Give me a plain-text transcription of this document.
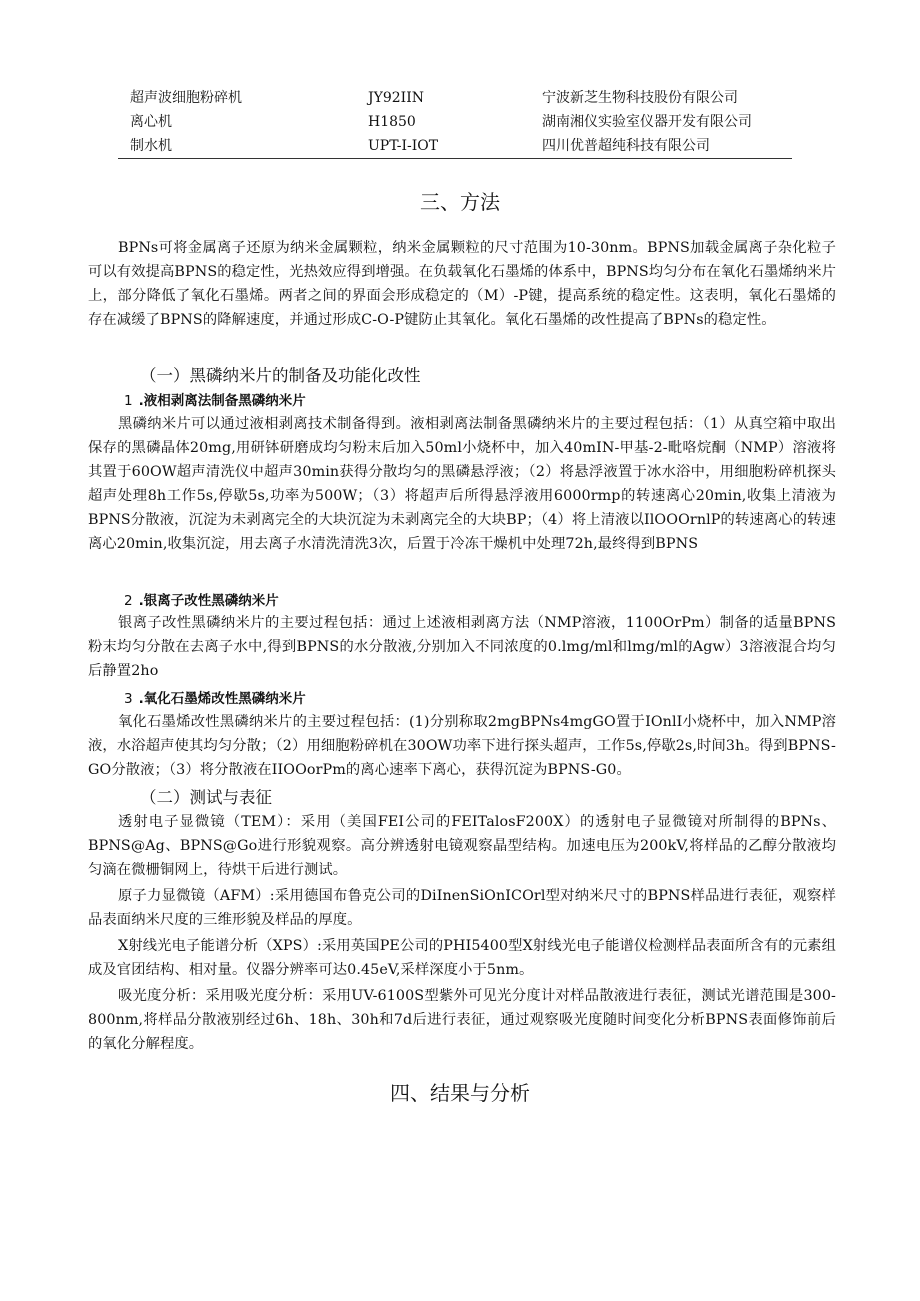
超声波细胞粉碎机	JY92IIN	宁波新芝生物科技股份有限公司
离心机	H1850	湖南湘仪实验室仪器开发有限公司
制水机	UPT-I-IOT	四川优普超纯科技有限公司
三、方法
BPNs可将金属离子还原为纳米金属颗粒，纳米金属颗粒的尺寸范围为10-30nm。BPNS加载金属离子杂化粒子可以有效提高BPNS的稳定性，光热效应得到增强。在负载氧化石墨烯的体系中，BPNS均匀分布在氧化石墨烯纳米片上，部分降低了氧化石墨烯。两者之间的界面会形成稳定的（M）-P键，提高系统的稳定性。这表明，氧化石墨烯的存在减缓了BPNS的降解速度，并通过形成C-O-P键防止其氧化。氧化石墨烯的改性提高了BPNs的稳定性。
（一）黑磷纳米片的制备及功能化改性
1 .液相剥离法制备黑磷纳米片
黑磷纳米片可以通过液相剥离技术制备得到。液相剥离法制备黑磷纳米片的主要过程包括：（1）从真空箱中取出保存的黑磷晶体20mg,用研钵研磨成均匀粉末后加入50ml小烧杯中，加入40mIN-甲基-2-毗咯烷酮（NMP）溶液将其置于60OW超声清洗仪中超声30min获得分散均匀的黑磷悬浮液；（2）将悬浮液置于冰水浴中，用细胞粉碎机探头超声处理8h工作5s,停歇5s,功率为500W；（3）将超声后所得悬浮液用6000rmp的转速离心20min,收集上清液为BPNS分散液，沉淀为未剥离完全的大块沉淀为未剥离完全的大块BP；（4）将上清液以IlOOOrnlP的转速离心的转速离心20min,收集沉淀，用去离子水清洗清洗3次，后置于冷冻干燥机中处理72h,最终得到BPNS
2 .银离子改性黑磷纳米片
银离子改性黑磷纳米片的主要过程包括：通过上述液相剥离方法（NMP溶液，1100OrPm）制备的适量BPNS粉末均匀分散在去离子水中,得到BPNS的水分散液,分别加入不同浓度的0.lmg/ml和lmg/ml的Agw）3溶液混合均匀后静置2ho
3 .氧化石墨烯改性黑磷纳米片
氧化石墨烯改性黑磷纳米片的主要过程包括：(1)分别称取2mgBPNs4mgGO置于IOnlI小烧杯中，加入NMP溶液，水浴超声使其均匀分散；（2）用细胞粉碎机在30OW功率下进行探头超声，工作5s,停歇2s,时间3h。得到BPNS-GO分散液；（3）将分散液在IIOOorPm的离心速率下离心，获得沉淀为BPNS-G0。
（二）测试与表征
透射电子显微镜（TEM）：采用（美国FEI公司的FEITalosF200X）的透射电子显微镜对所制得的BPNs、BPNS@Ag、BPNS@Go进行形貌观察。高分辨透射电镜观察晶型结构。加速电压为200kV,将样品的乙醇分散液均匀滴在微栅铜网上，待烘干后进行测试。
原子力显微镜（AFM）:采用德国布鲁克公司的DiInenSiOnICOrl型对纳米尺寸的BPNS样品进行表征，观察样品表面纳米尺度的三维形貌及样品的厚度。
X射线光电子能谱分析（XPS）:采用英国PE公司的PHI5400型X射线光电子能谱仪检测样品表面所含有的元素组成及官团结构、相对量。仪器分辨率可达0.45eV,采样深度小于5nm。
吸光度分析：采用吸光度分析：采用UV-6100S型紫外可见光分度计对样品散液进行表征，测试光谱范围是300-800nm,将样品分散液别经过6h、18h、30h和7d后进行表征，通过观察吸光度随时间变化分析BPNS表面修饰前后的氧化分解程度。
四、结果与分析
